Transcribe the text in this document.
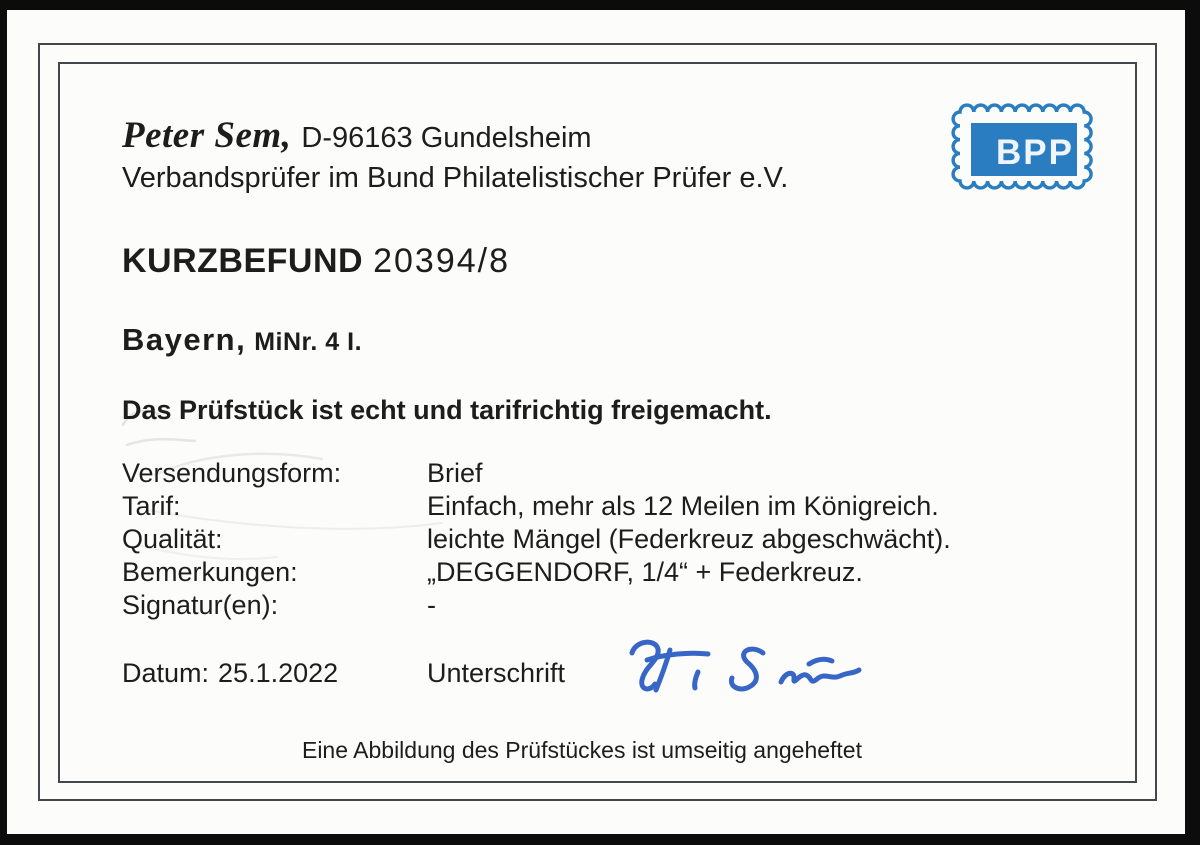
Peter Sem, D-96163 Gundelsheim
Verbandsprüfer im Bund Philatelistischer Prüfer e.V.
BPP
KURZBEFUND 20394/8
Bayern, MiNr. 4 I.
Das Prüfstück ist echt und tarifrichtig freigemacht.
Versendungsform:	Brief
Tarif:	Einfach, mehr als 12 Meilen im Königreich.
Qualität:	leichte Mängel (Federkreuz abgeschwächt).
Bemerkungen:	„DEGGENDORF, 1/4“ + Federkreuz.
Signatur(en):	-
Datum: 25.1.2022	Unterschrift
Eine Abbildung des Prüfstückes ist umseitig angeheftet
